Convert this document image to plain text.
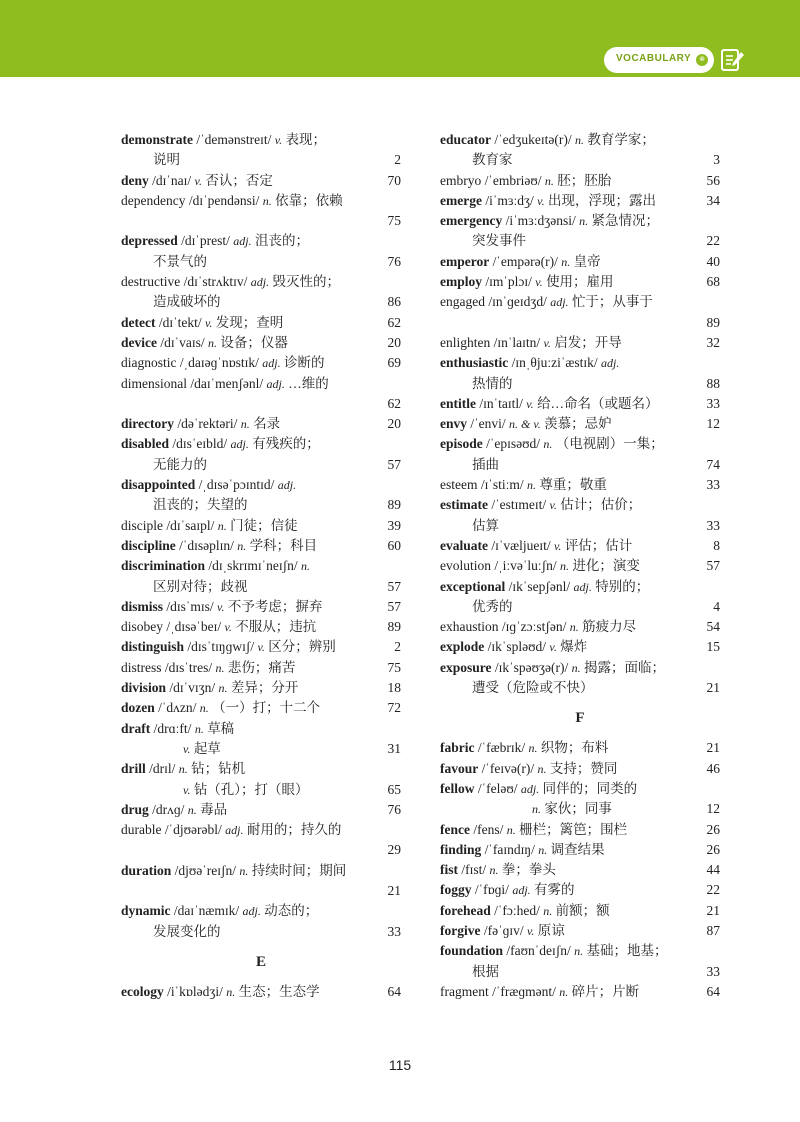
VOCABULARY	⊗
demonstrate /ˈdemənstreɪt/ v. 表现；
说明	2
deny /dɪˈnaɪ/ v. 否认；否定	70
dependency /dɪˈpendənsi/ n. 依靠；依赖

75
depressed /dɪˈprest/ adj. 沮丧的；
不景气的	76
destructive /dɪˈstrʌktɪv/ adj. 毁灭性的；
造成破坏的	86
detect /dɪˈtekt/ v. 发现；查明	62
device /dɪˈvaɪs/ n. 设备；仪器	20
diagnostic /ˌdaɪəɡˈnɒstɪk/ adj. 诊断的	69
dimensional /daɪˈmenʃənl/ adj. …维的

62
directory /dəˈrektəri/ n. 名录	20
disabled /dɪsˈeɪbld/ adj. 有残疾的；
无能力的	57
disappointed /ˌdɪsəˈpɔɪntɪd/ adj.
沮丧的；失望的	89
disciple /dɪˈsaɪpl/ n. 门徒；信徒	39
discipline /ˈdɪsəplɪn/ n. 学科；科目	60
discrimination /dɪˌskrɪmɪˈneɪʃn/ n.
区别对待；歧视	57
dismiss /dɪsˈmɪs/ v. 不予考虑；摒弃	57
disobey /ˌdɪsəˈbeɪ/ v. 不服从；违抗	89
distinguish /dɪsˈtɪŋɡwɪʃ/ v. 区分；辨别	2
distress /dɪsˈtres/ n. 悲伤；痛苦	75
division /dɪˈvɪʒn/ n. 差异；分开	18
dozen /ˈdʌzn/ n. （一）打；十二个	72
draft /drɑːft/ n. 草稿
v. 起草	31
drill /drɪl/ n. 钻；钻机
v. 钻（孔）；打（眼）	65
drug /drʌɡ/ n. 毒品	76
durable /ˈdjʊərəbl/ adj. 耐用的；持久的

29
duration /djʊəˈreɪʃn/ n. 持续时间；期间

21
dynamic /daɪˈnæmɪk/ adj. 动态的；
发展变化的	33
E
ecology /iˈkɒlədʒi/ n. 生态；生态学	64
educator /ˈedʒukeɪtə(r)/ n. 教育学家；
教育家	3
embryo /ˈembriəʊ/ n. 胚；胚胎	56
emerge /iˈmɜːdʒ/ v. 出现，浮现；露出	34
emergency /iˈmɜːdʒənsi/ n. 紧急情况；
突发事件	22
emperor /ˈempərə(r)/ n. 皇帝	40
employ /ɪmˈplɔɪ/ v. 使用；雇用	68
engaged /ɪnˈɡeɪdʒd/ adj. 忙于；从事于

89
enlighten /ɪnˈlaɪtn/ v. 启发；开导	32
enthusiastic /ɪnˌθjuːziˈæstɪk/ adj.
热情的	88
entitle /ɪnˈtaɪtl/ v. 给…命名（或题名）	33
envy /ˈenvi/ n. & v. 羡慕；忌妒	12
episode /ˈepɪsəʊd/ n. （电视剧）一集；
插曲	74
esteem /ɪˈstiːm/ n. 尊重；敬重	33
estimate /ˈestɪmeɪt/ v. 估计；估价；
估算	33
evaluate /ɪˈvæljueɪt/ v. 评估；估计	8
evolution /ˌiːvəˈluːʃn/ n. 进化；演变	57
exceptional /ɪkˈsepʃənl/ adj. 特别的；
优秀的	4
exhaustion /ɪɡˈzɔːstʃən/ n. 筋疲力尽	54
explode /ɪkˈspləʊd/ v. 爆炸	15
exposure /ɪkˈspəʊʒə(r)/ n. 揭露；面临；
遭受（危险或不快）	21
F
fabric /ˈfæbrɪk/ n. 织物；布料	21
favour /ˈfeɪvə(r)/ n. 支持；赞同	46
fellow /ˈfeləʊ/ adj. 同伴的；同类的
n. 家伙；同事	12
fence /fens/ n. 栅栏；篱笆；围栏	26
finding /ˈfaɪndɪŋ/ n. 调查结果	26
fist /fɪst/ n. 拳；拳头	44
foggy /ˈfɒɡi/ adj. 有雾的	22
forehead /ˈfɔːhed/ n. 前额；额	21
forgive /fəˈɡɪv/ v. 原谅	87
foundation /faʊnˈdeɪʃn/ n. 基础；地基；
根据	33
fragment /ˈfræɡmənt/ n. 碎片；片断	64
115
